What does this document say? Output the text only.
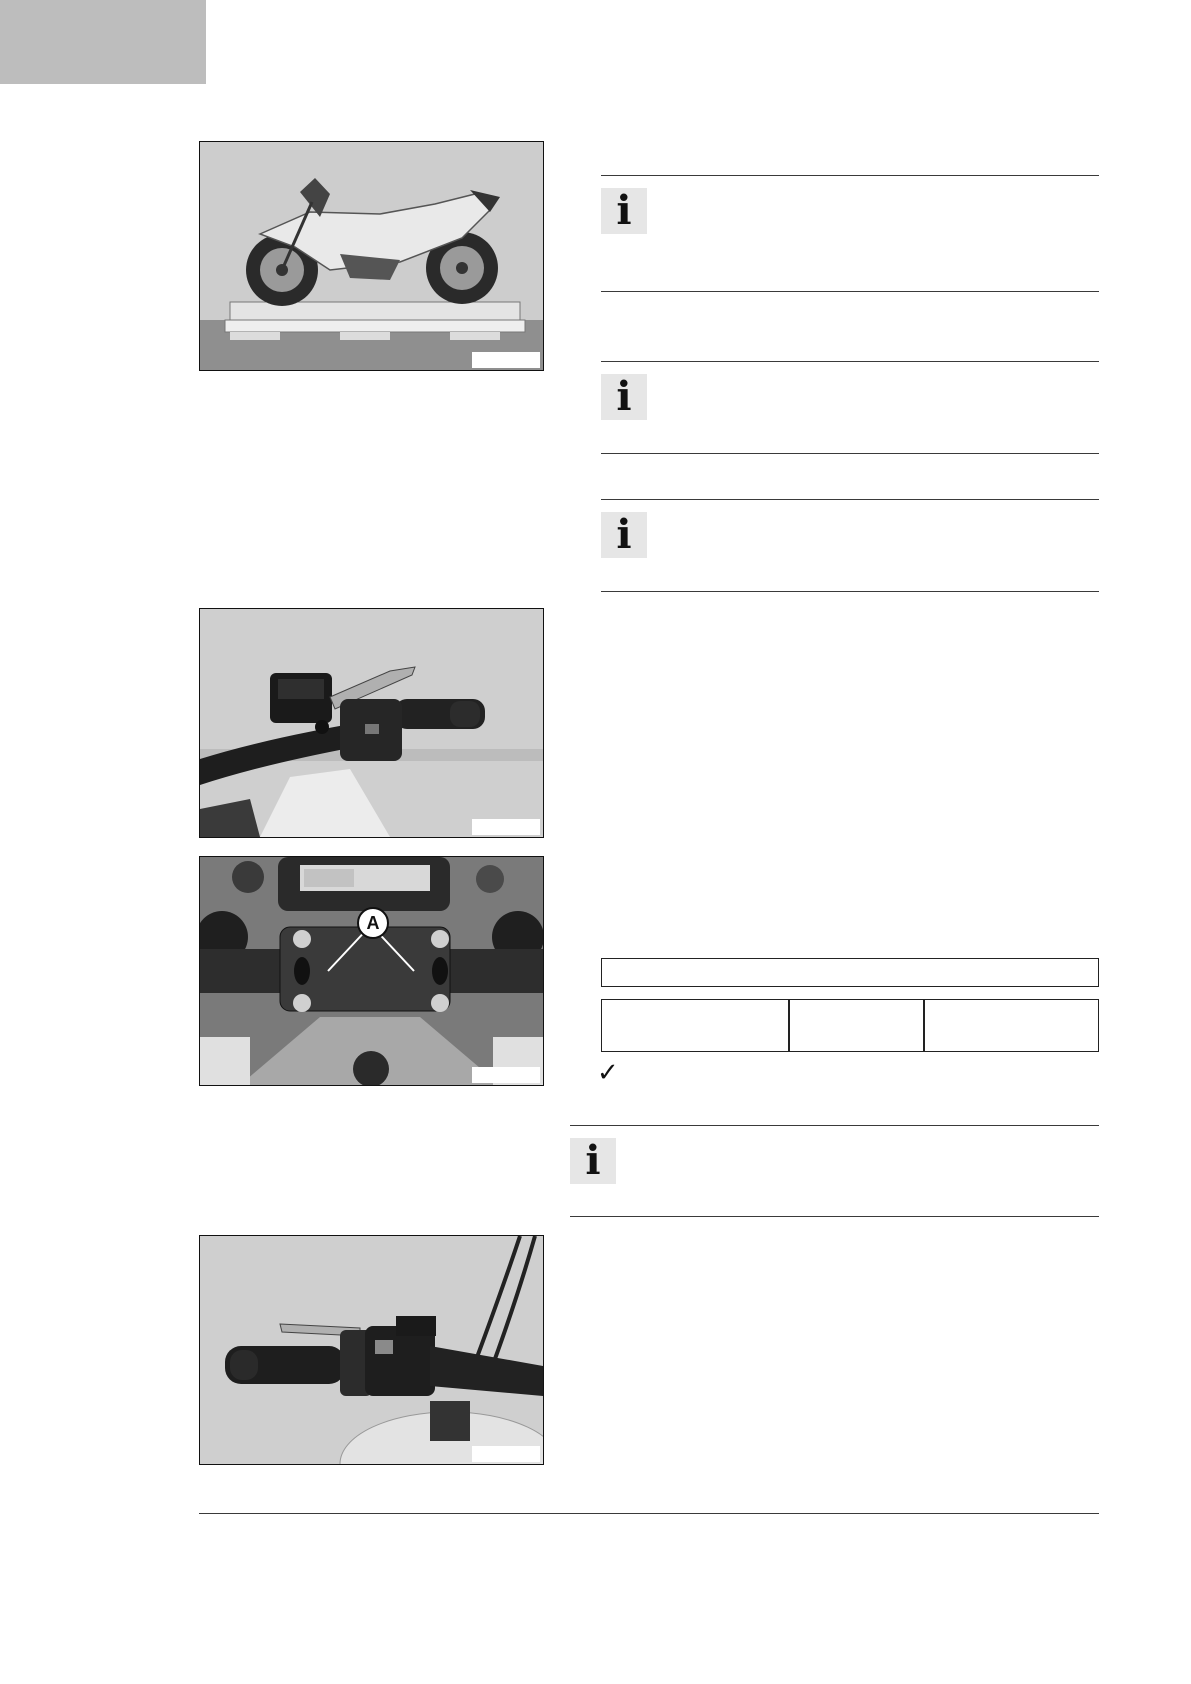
A
i
i
i
✓
i
